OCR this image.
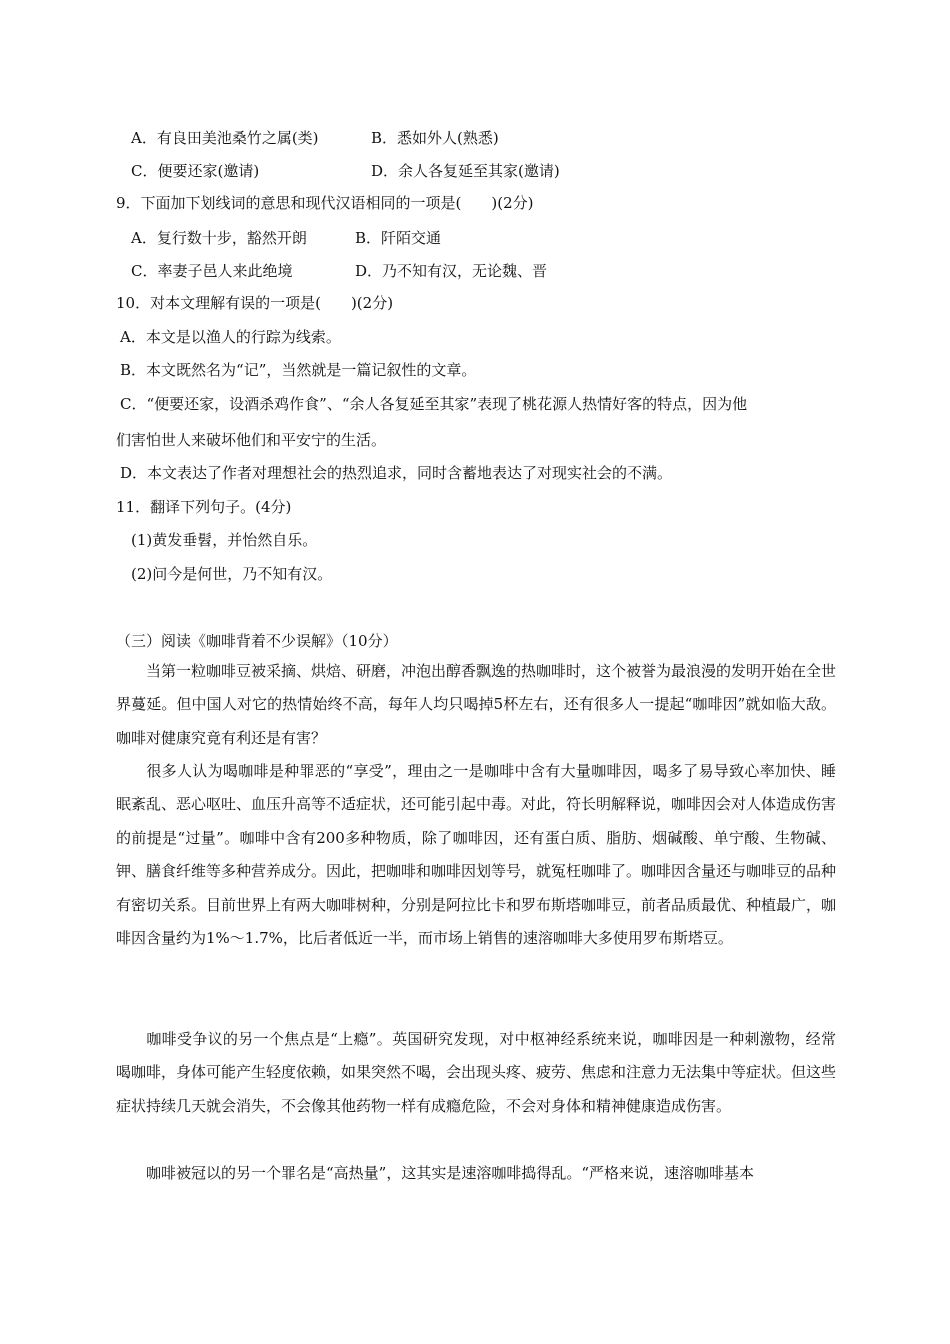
A．有良田美池桑竹之属(类)	B．悉如外人(熟悉)
C．便要还家(邀请)	D．余人各复延至其家(邀请)
9．下面加下划线词的意思和现代汉语相同的一项是(　　)(2分)
A．复行数十步，豁然开朗	B．阡陌交通
C．率妻子邑人来此绝境	D．乃不知有汉，无论魏、晋
10．对本文理解有误的一项是(　　)(2分)
A．本文是以渔人的行踪为线索。
B．本文既然名为“记”，当然就是一篇记叙性的文章。
C．“便要还家，设酒杀鸡作食”、“余人各复延至其家”表现了桃花源人热情好客的特点，因为他
们害怕世人来破坏他们和平安宁的生活。
D．本文表达了作者对理想社会的热烈追求，同时含蓄地表达了对现实社会的不满。
11．翻译下列句子。(4分)
(1)黄发垂髫，并怡然自乐。
(2)问今是何世，乃不知有汉。
（三）阅读《咖啡背着不少误解》（10分）
当第一粒咖啡豆被采摘、烘焙、研磨，冲泡出醇香飘逸的热咖啡时，这个被誉为最浪漫的发明开始在全世界蔓延。但中国人对它的热情始终不高，每年人均只喝掉5杯左右，还有很多人一提起“咖啡因”就如临大敌。咖啡对健康究竟有利还是有害？
很多人认为喝咖啡是种罪恶的“享受”，理由之一是咖啡中含有大量咖啡因，喝多了易导致心率加快、睡眠紊乱、恶心呕吐、血压升高等不适症状，还可能引起中毒。对此，符长明解释说，咖啡因会对人体造成伤害的前提是“过量”。咖啡中含有200多种物质，除了咖啡因，还有蛋白质、脂肪、烟碱酸、单宁酸、生物碱、钾、膳食纤维等多种营养成分。因此，把咖啡和咖啡因划等号，就冤枉咖啡了。咖啡因含量还与咖啡豆的品种有密切关系。目前世界上有两大咖啡树种，分别是阿拉比卡和罗布斯塔咖啡豆，前者品质最优、种植最广，咖啡因含量约为1%～1.7%，比后者低近一半，而市场上销售的速溶咖啡大多使用罗布斯塔豆。
咖啡受争议的另一个焦点是“上瘾”。英国研究发现，对中枢神经系统来说，咖啡因是一种刺激物，经常喝咖啡，身体可能产生轻度依赖，如果突然不喝，会出现头疼、疲劳、焦虑和注意力无法集中等症状。但这些症状持续几天就会消失，不会像其他药物一样有成瘾危险，不会对身体和精神健康造成伤害。
咖啡被冠以的另一个罪名是“高热量”，这其实是速溶咖啡捣得乱。“严格来说，速溶咖啡基本
